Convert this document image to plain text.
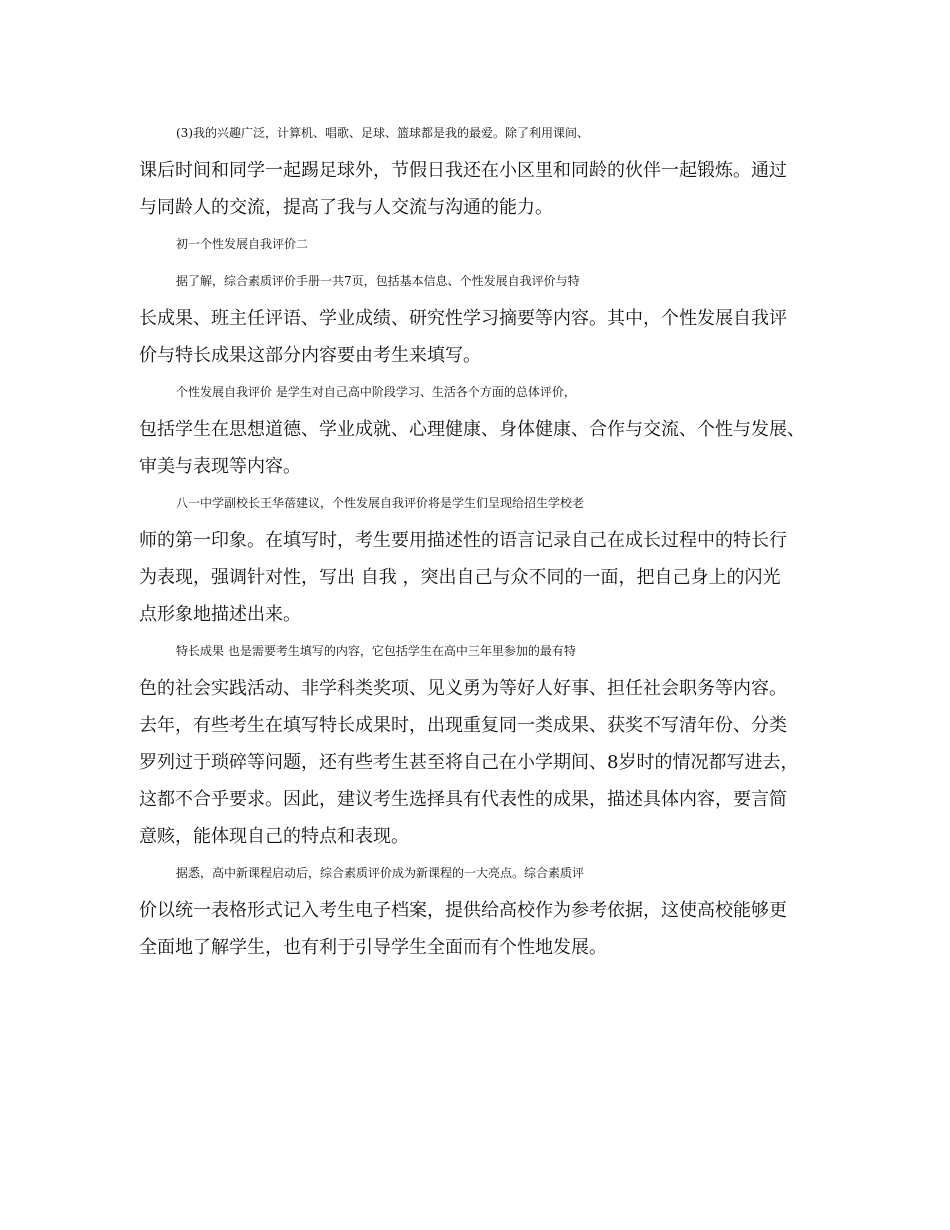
(3)我的兴趣广泛，计算机、唱歌、足球、篮球都是我的最爱。除了利用课间、
课后时间和同学一起踢足球外，节假日我还在小区里和同龄的伙伴一起锻炼。通过
与同龄人的交流，提高了我与人交流与沟通的能力。
初一个性发展自我评价二
据了解，综合素质评价手册一共7页，包括基本信息、个性发展自我评价与特
长成果、班主任评语、学业成绩、研究性学习摘要等内容。其中，个性发展自我评
价与特长成果这部分内容要由考生来填写。
个性发展自我评价 是学生对自己高中阶段学习、生活各个方面的总体评价，
包括学生在思想道德、学业成就、心理健康、身体健康、合作与交流、个性与发展、
审美与表现等内容。
八一中学副校长王华蓓建议，个性发展自我评价将是学生们呈现给招生学校老
师的第一印象。在填写时，考生要用描述性的语言记录自己在成长过程中的特长行
为表现，强调针对性，写出 自我 ，突出自己与众不同的一面，把自己身上的闪光
点形象地描述出来。
特长成果 也是需要考生填写的内容，它包括学生在高中三年里参加的最有特
色的社会实践活动、非学科类奖项、见义勇为等好人好事、担任社会职务等内容。
去年，有些考生在填写特长成果时，出现重复同一类成果、获奖不写清年份、分类
罗列过于琐碎等问题，还有些考生甚至将自己在小学期间、8岁时的情况都写进去，
这都不合乎要求。因此，建议考生选择具有代表性的成果，描述具体内容，要言简
意赅，能体现自己的特点和表现。
据悉，高中新课程启动后，综合素质评价成为新课程的一大亮点。综合素质评
价以统一表格形式记入考生电子档案，提供给高校作为参考依据，这使高校能够更
全面地了解学生，也有利于引导学生全面而有个性地发展。
